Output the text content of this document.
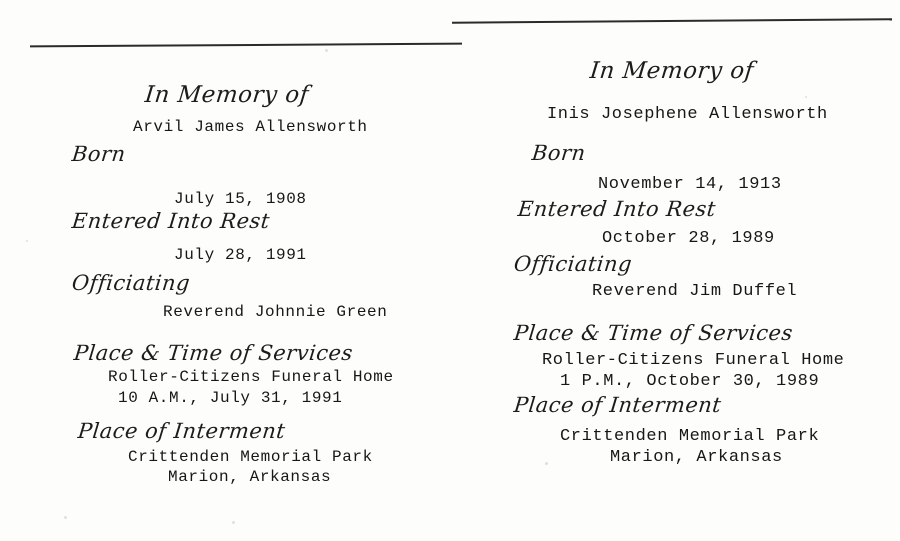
In Memory of
Arvil James Allensworth
Born
July 15, 1908
Entered Into Rest
July 28, 1991
Officiating
Reverend Johnnie Green
Place & Time of Services
Roller-Citizens Funeral Home
10 A.M., July 31, 1991
Place of Interment
Crittenden Memorial Park
Marion, Arkansas
In Memory of
Inis Josephene Allensworth
Born
November 14, 1913
Entered Into Rest
October 28, 1989
Officiating
Reverend Jim Duffel
Place & Time of Services
Roller-Citizens Funeral Home
1 P.M., October 30, 1989
Place of Interment
Crittenden Memorial Park
Marion, Arkansas
